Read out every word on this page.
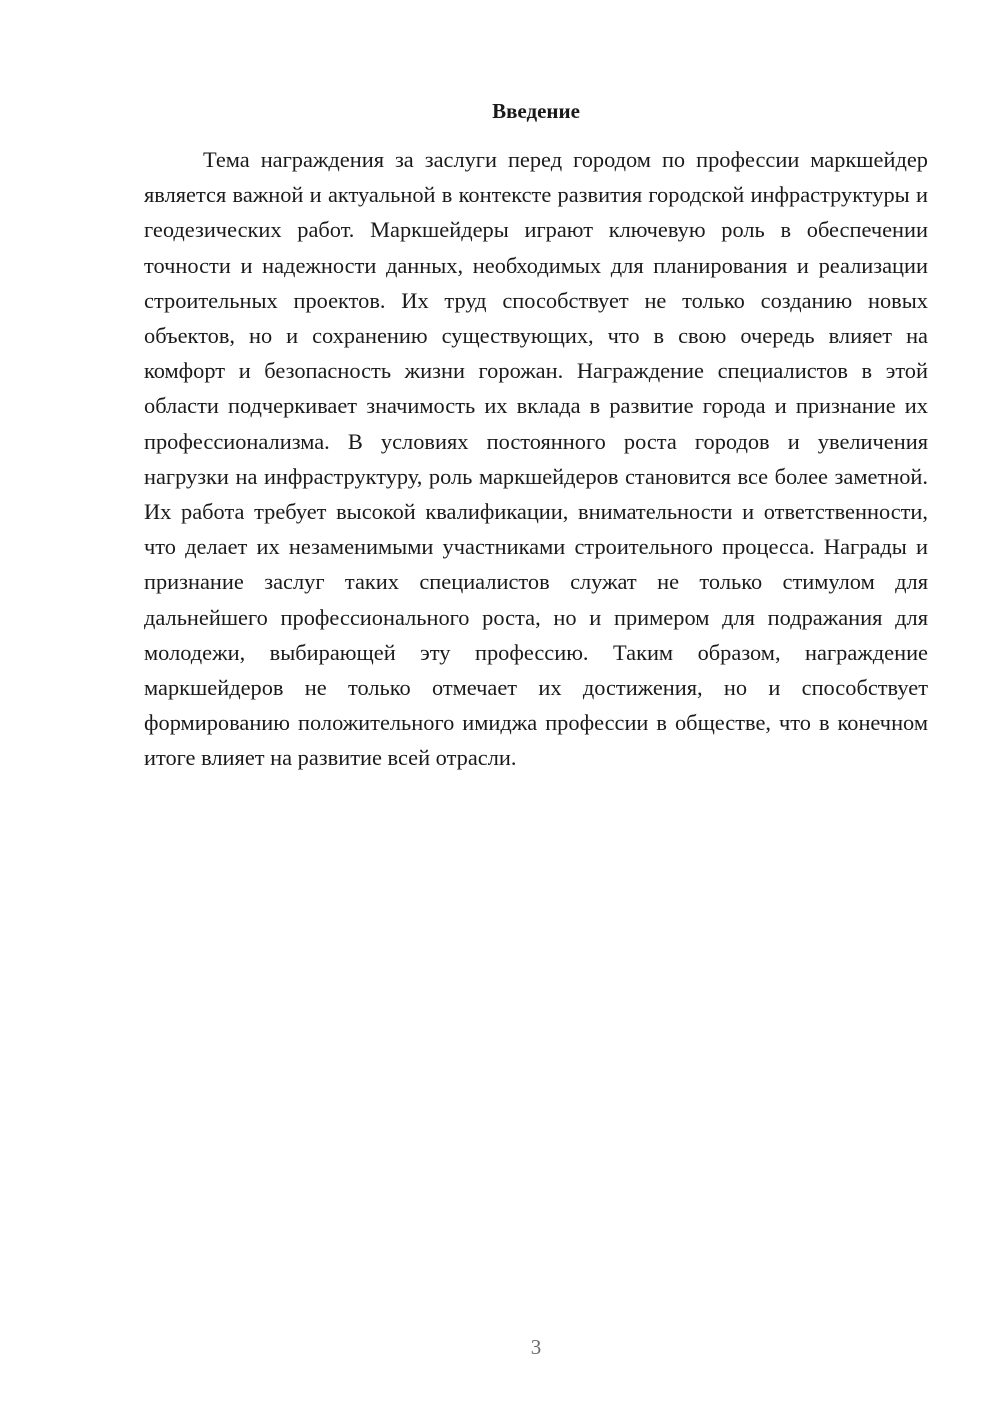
Введение

Тема награждения за заслуги перед городом по профессии маркшейдер является важной и актуальной в контексте развития городской инфраструктуры и геодезических работ. Маркшейдеры играют ключевую роль в обеспечении точности и надежности данных, необходимых для планирования и реализации строительных проектов. Их труд способствует не только созданию новых объектов, но и сохранению существующих, что в свою очередь влияет на комфорт и безопасность жизни горожан. Награждение специалистов в этой области подчеркивает значимость их вклада в развитие города и признание их профессионализма. В условиях постоянного роста городов и увеличения нагрузки на инфраструктуру, роль маркшейдеров становится все более заметной. Их работа требует высокой квалификации, внимательности и ответственности, что делает их незаменимыми участниками строительного процесса. Награды и признание заслуг таких специалистов служат не только стимулом для дальнейшего профессионального роста, но и примером для подражания для молодежи, выбирающей эту профессию. Таким образом, награждение маркшейдеров не только отмечает их достижения, но и способствует формированию положительного имиджа профессии в обществе, что в конечном итоге влияет на развитие всей отрасли.

3
